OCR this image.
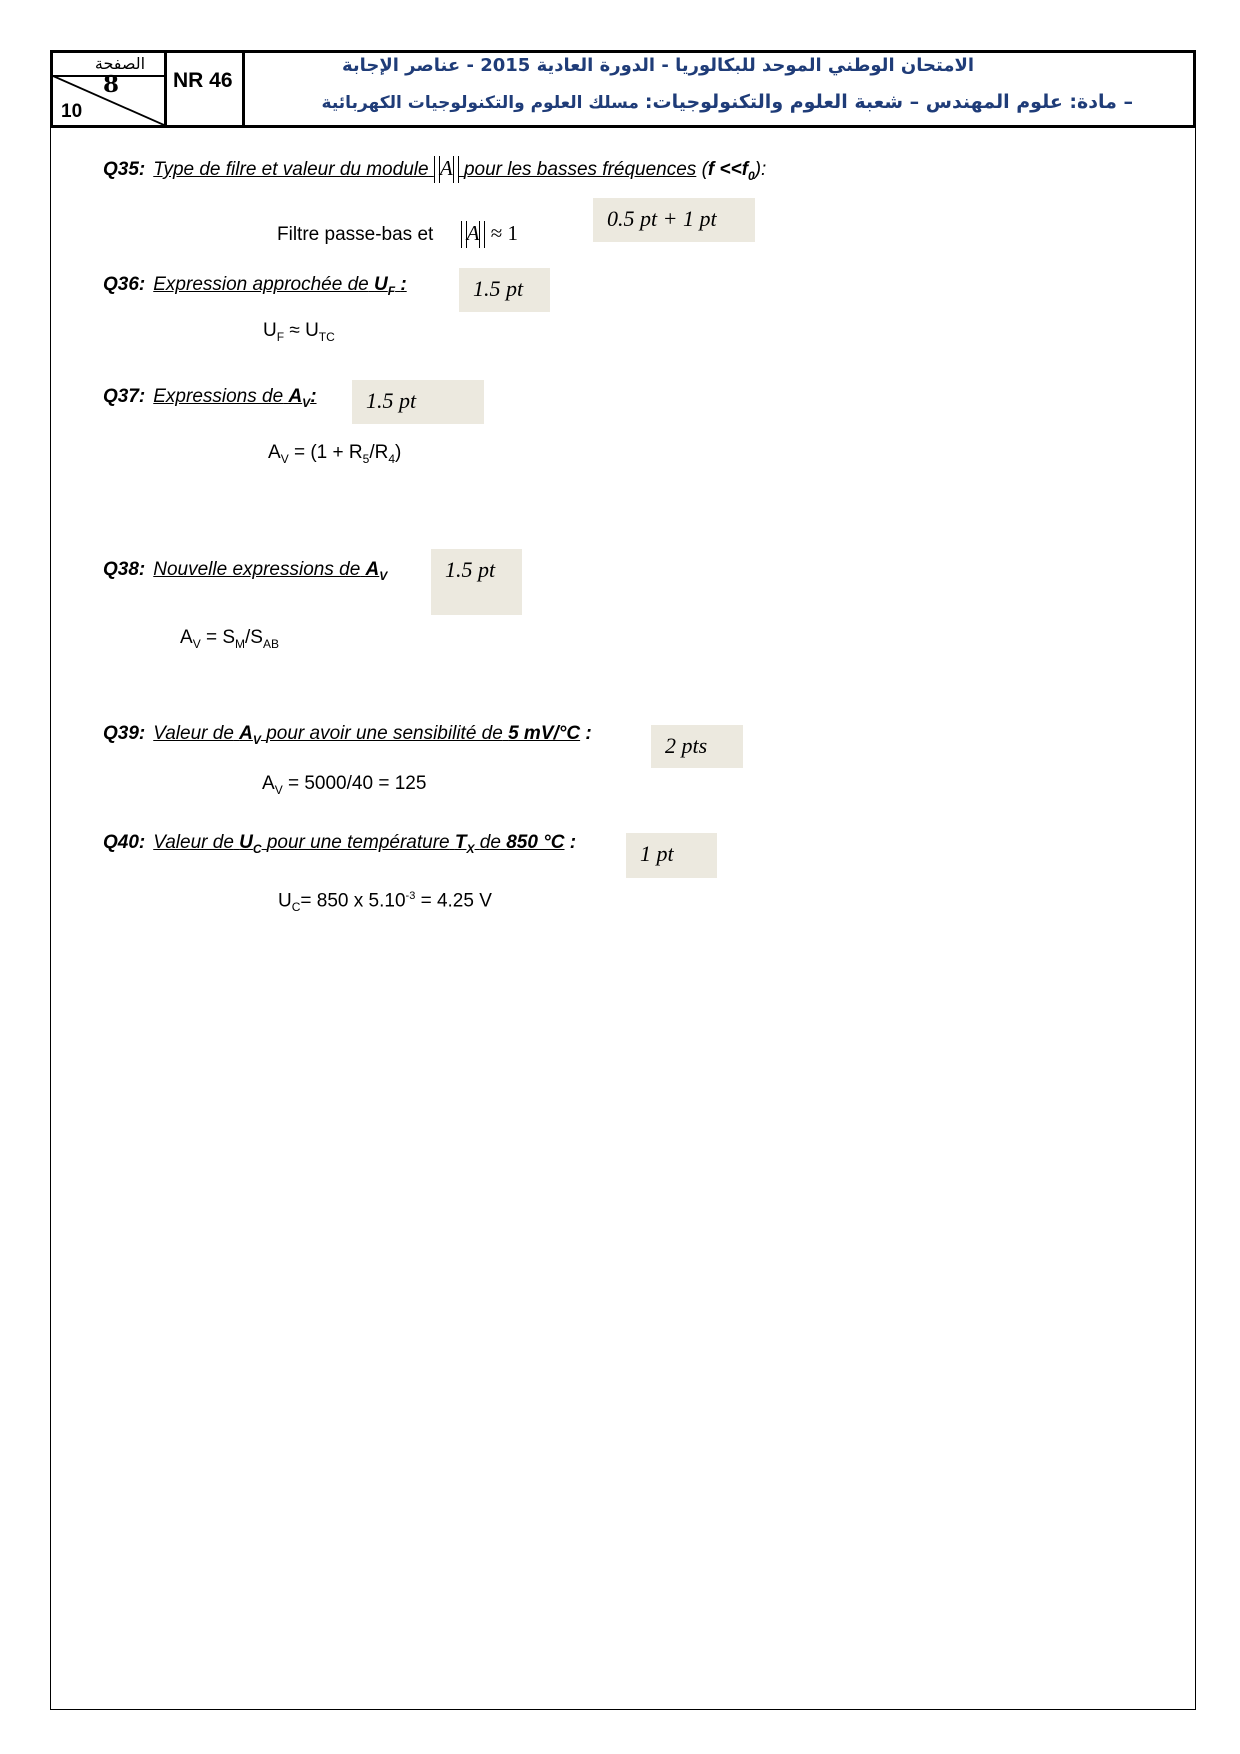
الصفحة
8
10
NR 46
الامتحان الوطني الموحد للبكالوريا - الدورة العادية 2015 - عناصر الإجابة
– مادة: علوم المهندس – شعبة العلوم والتكنولوجيات: مسلك العلوم والتكنولوجيات الكهربائية
Q35: Type de filre et valeur du module A pour les basses fréquences $(f <<f_0)$:
Filtre passe-bas et A ≈ 1
0.5 pt + 1 pt
Q36: Expression approchée de $U_F$ :
$U_F \approx U_{TC}$
1.5 pt
Q37: Expressions de $A_V$:
$A_V = (1 + R_5/R_4)$
1.5 pt
Q38: Nouvelle expressions de $A_V$
$A_V = S_M/S_{AB}$
1.5 pt
Q39: Valeur de $A_V$ pour avoir une sensibilité de 5 mV/°C :
$A_V = 5000/40 = 125$
2 pts
Q40: Valeur de $U_C$ pour une température $T_X$ de 850 °C :
$U_C= 850$ x $5.10^{-3} = 4.25$ V
1 pt
